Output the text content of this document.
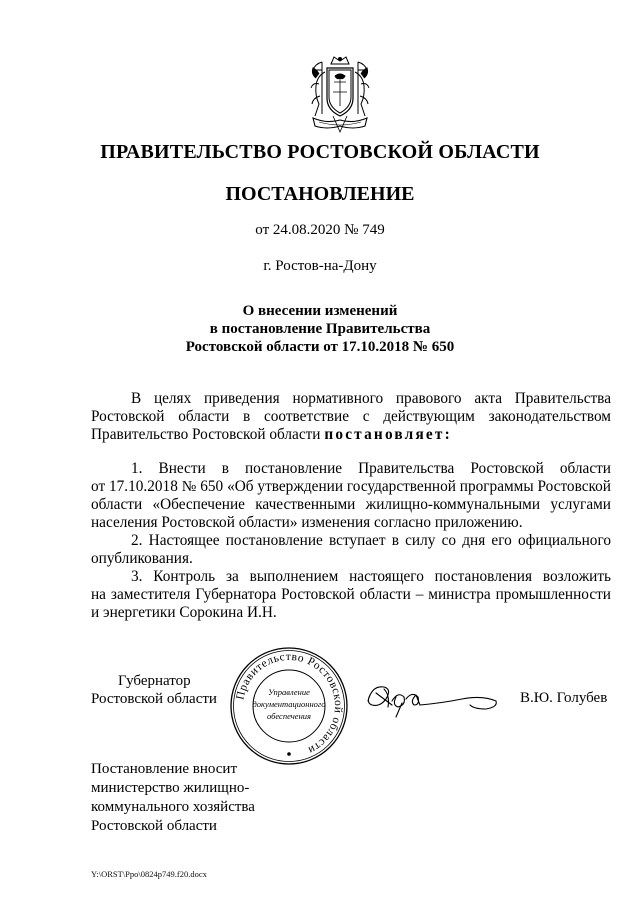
ПРАВИТЕЛЬСТВО РОСТОВСКОЙ ОБЛАСТИ
ПОСТАНОВЛЕНИЕ
от 24.08.2020 № 749
г. Ростов-на-Дону
О внесении изменений
в постановление Правительства
Ростовской области от 17.10.2018 № 650
В целях приведения нормативного правового акта Правительства
Ростовской области в соответствие с действующим законодательством
Правительство Ростовской области постановляет:
1. Внести в постановление Правительства Ростовской области
от 17.10.2018 № 650 «Об утверждении государственной программы Ростовской
области «Обеспечение качественными жилищно-коммунальными услугами
населения Ростовской области» изменения согласно приложению.
2. Настоящее постановление вступает в силу со дня его официального
опубликования.
3. Контроль за выполнением настоящего постановления возложить
на заместителя Губернатора Ростовской области – министра промышленности
и энергетики Сорокина И.Н.
Губернатор
Ростовской области Правительство Ростовской области
Управление
документационного
обеспечения
В.Ю. Голубев
Постановление вносит
министерство жилищно-
коммунального хозяйства
Ростовской области
Y:\ORST\Ppo\0824p749.f20.docx
